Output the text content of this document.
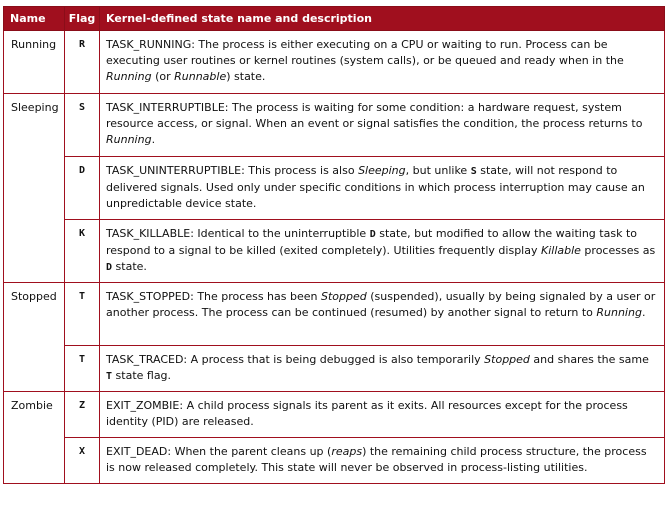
Name	Flag	Kernel-defined state name and description
Running	R	TASK_RUNNING: The process is either executing on a CPU or waiting to run. Process can be executing user routines or kernel routines (system calls), or be queued and ready when in the Running (or Runnable) state.
Sleeping	S	TASK_INTERRUPTIBLE: The process is waiting for some condition: a hardware request, system resource access, or signal. When an event or signal satisfies the condition, the process returns to Running.
	D	TASK_UNINTERRUPTIBLE: This process is also Sleeping, but unlike S state, will not respond to delivered signals. Used only under specific conditions in which process interruption may cause an unpredictable device state.
	K	TASK_KILLABLE: Identical to the uninterruptible D state, but modified to allow the waiting task to respond to a signal to be killed (exited completely). Utilities frequently display Killable processes as D state.
Stopped	T	TASK_STOPPED: The process has been Stopped (suspended), usually by being signaled by a user or another process. The process can be continued (resumed) by another signal to return to Running.
	T	TASK_TRACED: A process that is being debugged is also temporarily Stopped and shares the same T state flag.
Zombie	Z	EXIT_ZOMBIE: A child process signals its parent as it exits. All resources except for the process identity (PID) are released.
	X	EXIT_DEAD: When the parent cleans up (reaps) the remaining child process structure, the process is now released completely. This state will never be observed in process-listing utilities.
